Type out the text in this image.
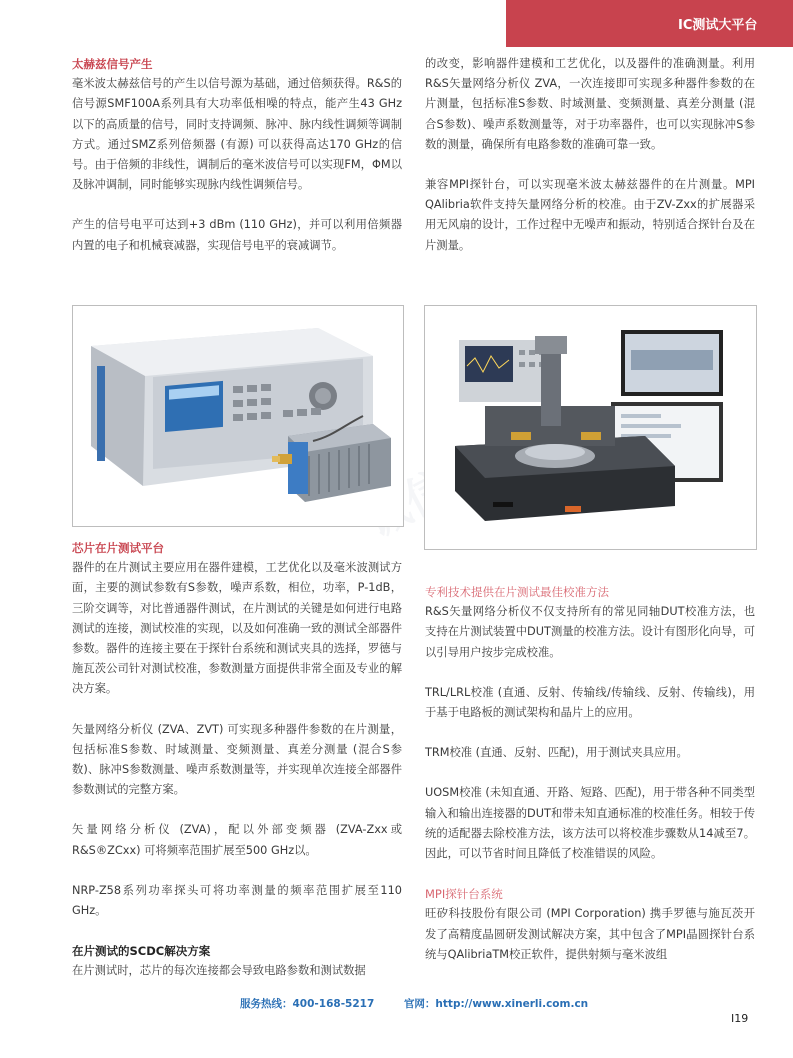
IC测试大平台
诚信

太赫兹信号产生

毫米波太赫兹信号的产生以信号源为基础，通过倍频获得。R&S的信号源SMF100A系列具有大功率低相噪的特点，能产生43 GHz以下的高质量的信号，同时支持调频、脉冲、脉内线性调频等调制方式。通过SMZ系列倍频器 (有源) 可以获得高达170 GHz的信号。由于倍频的非线性，调制后的毫米波信号可以实现FM，ΦM以及脉冲调制，同时能够实现脉内线性调频信号。

产生的信号电平可达到+3 dBm (110 GHz)，并可以利用倍频器内置的电子和机械衰减器，实现信号电平的衰减调节。

芯片在片测试平台

器件的在片测试主要应用在器件建模，工艺优化以及毫米波测试方面，主要的测试参数有S参数，噪声系数，相位，功率，P-1dB，三阶交调等，对比普通器件测试，在片测试的关键是如何进行电路测试的连接，测试校准的实现，以及如何准确一致的测试全部器件参数。器件的连接主要在于探针台系统和测试夹具的选择，罗德与施瓦茨公司针对测试校准，参数测量方面提供非常全面及专业的解决方案。

矢量网络分析仪 (ZVA、ZVT) 可实现多种器件参数的在片测量，包括标准S参数、时域测量、变频测量、真差分测量 (混合S参数)、脉冲S参数测量、噪声系数测量等，并实现单次连接全部器件参数测试的完整方案。

矢量网络分析仪 (ZVA)，配以外部变频器 (ZVA-Zxx或R&S®ZCxx) 可将频率范围扩展至500 GHz以。

NRP-Z58系列功率探头可将功率测量的频率范围扩展至110 GHz。

在片测试的SCDC解决方案

在片测试时，芯片的每次连接都会导致电路参数和测试数据

的改变，影响器件建模和工艺优化，以及器件的准确测量。利用R&S矢量网络分析仪 ZVA，一次连接即可实现多种器件参数的在片测量，包括标准S参数、时域测量、变频测量、真差分测量 (混合S参数)、噪声系数测量等，对于功率器件，也可以实现脉冲S参数的测量，确保所有电路参数的准确可靠一致。

兼容MPI探针台，可以实现毫米波太赫兹器件的在片测量。MPI QAlibria软件支持矢量网络分析的校准。由于ZV-Zxx的扩展器采用无风扇的设计，工作过程中无噪声和振动，特别适合探针台及在片测量。

专利技术提供在片测试最佳校准方法

R&S矢量网络分析仪不仅支持所有的常见同轴DUT校准方法，也支持在片测试装置中DUT测量的校准方法。设计有图形化向导，可以引导用户按步完成校准。

TRL/LRL校准 (直通、反射、传输线/传输线、反射、传输线)，用于基于电路板的测试架构和晶片上的应用。

TRM校准 (直通、反射、匹配)，用于测试夹具应用。

UOSM校准 (未知直通、开路、短路、匹配)，用于带各种不同类型输入和输出连接器的DUT和带未知直通标准的校准任务。相较于传统的适配器去除校准方法，该方法可以将校准步骤数从14减至7。因此，可以节省时间且降低了校准错误的风险。

MPI探针台系统

旺矽科技股份有限公司 (MPI Corporation) 携手罗德与施瓦茨开发了高精度晶圆研发测试解决方案，其中包含了MPI晶圆探针台系统与QAlibriaTM校正软件，提供射频与毫米波组

服务热线：400-168-5217	官网：http://www.xinerli.com.cn
I19
